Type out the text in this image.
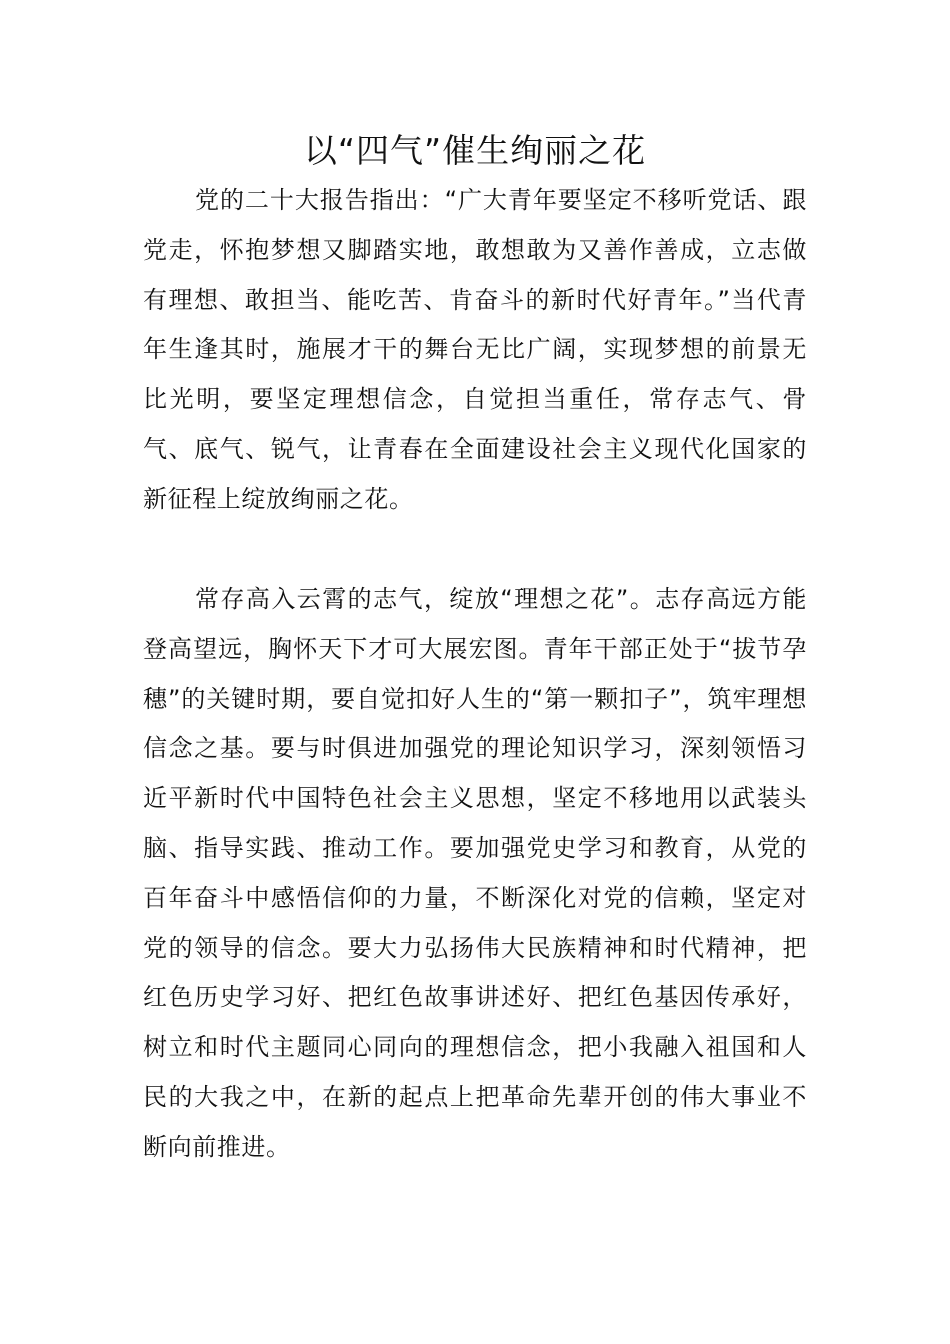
以“四气”催生绚丽之花

党的二十大报告指出：“广大青年要坚定不移听党话、跟党走，怀抱梦想又脚踏实地，敢想敢为又善作善成，立志做有理想、敢担当、能吃苦、肯奋斗的新时代好青年。”当代青年生逢其时，施展才干的舞台无比广阔，实现梦想的前景无比光明，要坚定理想信念，自觉担当重任，常存志气、骨气、底气、锐气，让青春在全面建设社会主义现代化国家的新征程上绽放绚丽之花。

常存高入云霄的志气，绽放“理想之花”。志存高远方能登高望远，胸怀天下才可大展宏图。青年干部正处于“拔节孕穗”的关键时期，要自觉扣好人生的“第一颗扣子”，筑牢理想信念之基。要与时俱进加强党的理论知识学习，深刻领悟习近平新时代中国特色社会主义思想，坚定不移地用以武装头脑、指导实践、推动工作。要加强党史学习和教育，从党的百年奋斗中感悟信仰的力量，不断深化对党的信赖，坚定对党的领导的信念。要大力弘扬伟大民族精神和时代精神，把红色历史学习好、把红色故事讲述好、把红色基因传承好，树立和时代主题同心同向的理想信念，把小我融入祖国和人民的大我之中，在新的起点上把革命先辈开创的伟大事业不断向前推进。
